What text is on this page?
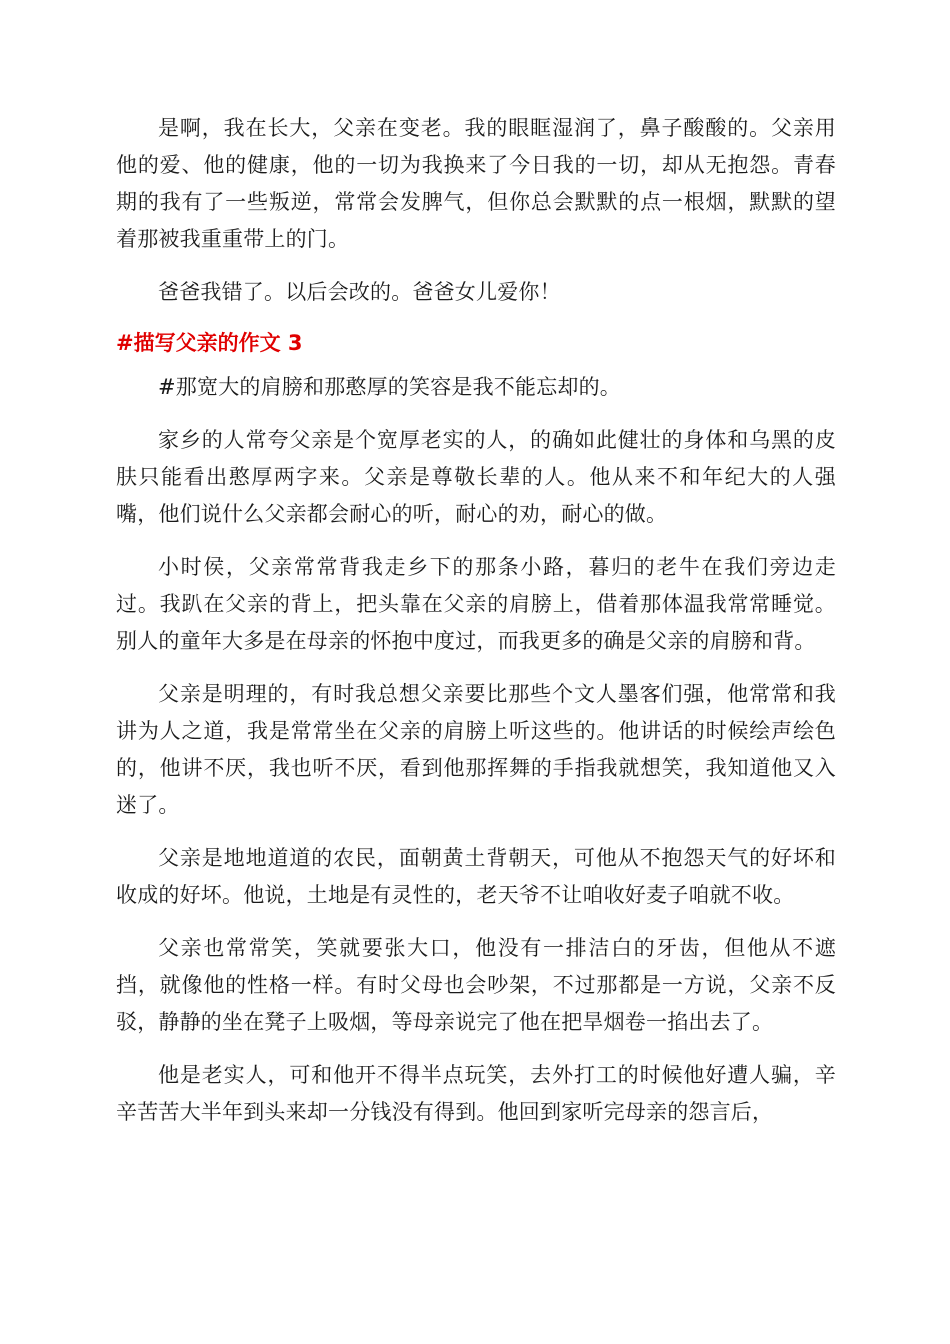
是啊，我在长大，父亲在变老。我的眼眶湿润了，鼻子酸酸的。父亲用他的爱、他的健康，他的一切为我换来了今日我的一切，却从无抱怨。青春期的我有了一些叛逆，常常会发脾气，但你总会默默的点一根烟，默默的望着那被我重重带上的门。

爸爸我错了。以后会改的。爸爸女儿爱你！

#描写父亲的作文 3

#那宽大的肩膀和那憨厚的笑容是我不能忘却的。

家乡的人常夸父亲是个宽厚老实的人，的确如此健壮的身体和乌黑的皮肤只能看出憨厚两字来。父亲是尊敬长辈的人。他从来不和年纪大的人强嘴，他们说什么父亲都会耐心的听，耐心的劝，耐心的做。

小时侯，父亲常常背我走乡下的那条小路，暮归的老牛在我们旁边走过。我趴在父亲的背上，把头靠在父亲的肩膀上，借着那体温我常常睡觉。别人的童年大多是在母亲的怀抱中度过，而我更多的确是父亲的肩膀和背。

父亲是明理的，有时我总想父亲要比那些个文人墨客们强，他常常和我讲为人之道，我是常常坐在父亲的肩膀上听这些的。他讲话的时候绘声绘色的，他讲不厌，我也听不厌，看到他那挥舞的手指我就想笑，我知道他又入迷了。

父亲是地地道道的农民，面朝黄土背朝天，可他从不抱怨天气的好坏和收成的好坏。他说，土地是有灵性的，老天爷不让咱收好麦子咱就不收。

父亲也常常笑，笑就要张大口，他没有一排洁白的牙齿，但他从不遮挡，就像他的性格一样。有时父母也会吵架，不过那都是一方说，父亲不反驳，静静的坐在凳子上吸烟，等母亲说完了他在把旱烟卷一掐出去了。

他是老实人，可和他开不得半点玩笑，去外打工的时候他好遭人骗，辛辛苦苦大半年到头来却一分钱没有得到。他回到家听完母亲的怨言后，
